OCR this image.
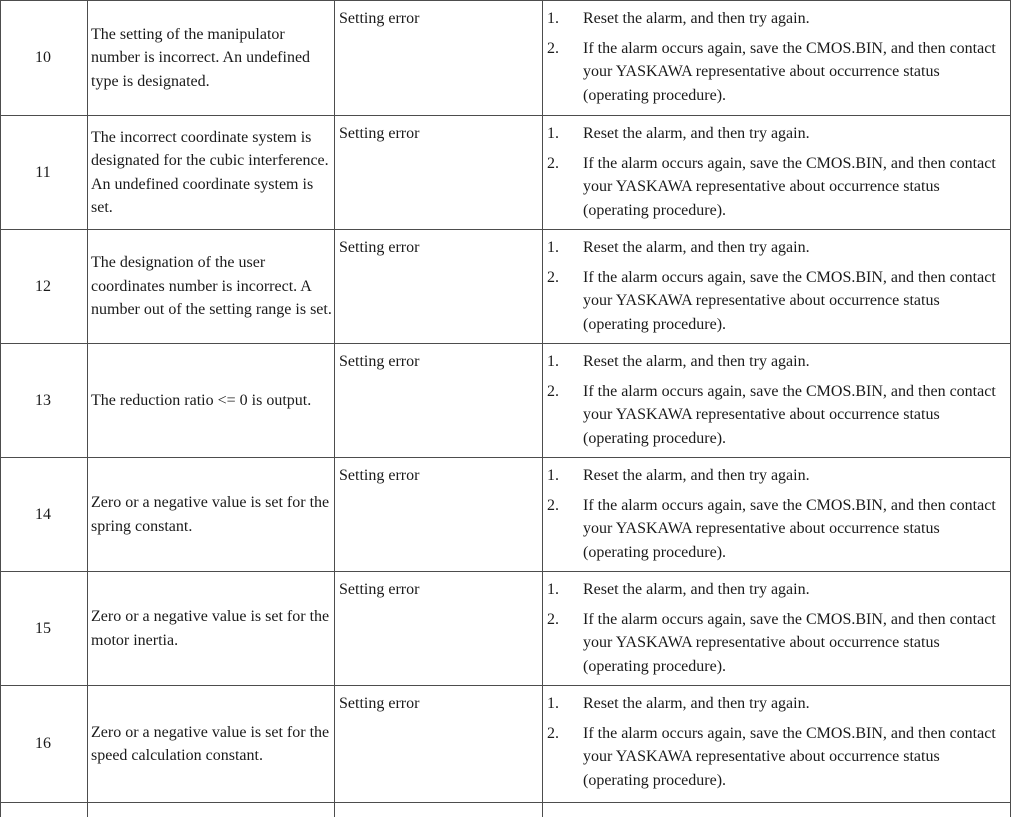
10	The setting of the manipulator number is incorrect. An undefined type is designated.	Setting error	1. Reset the alarm, and then try again.
2. If the alarm occurs again, save the CMOS.BIN, and then contact your YASKAWA representative about occurrence status (operating procedure).

11	The incorrect coordinate system is designated for the cubic interference. An undefined coordinate system is set.	Setting error	1. Reset the alarm, and then try again.
2. If the alarm occurs again, save the CMOS.BIN, and then contact your YASKAWA representative about occurrence status (operating procedure).

12	The designation of the user coordinates number is incorrect. A number out of the setting range is set.	Setting error	1. Reset the alarm, and then try again.
2. If the alarm occurs again, save the CMOS.BIN, and then contact your YASKAWA representative about occurrence status (operating procedure).

13	The reduction ratio <= 0 is output.	Setting error	1. Reset the alarm, and then try again.
2. If the alarm occurs again, save the CMOS.BIN, and then contact your YASKAWA representative about occurrence status (operating procedure).

14	Zero or a negative value is set for the spring constant.	Setting error	1. Reset the alarm, and then try again.
2. If the alarm occurs again, save the CMOS.BIN, and then contact your YASKAWA representative about occurrence status (operating procedure).

15	Zero or a negative value is set for the motor inertia.	Setting error	1. Reset the alarm, and then try again.
2. If the alarm occurs again, save the CMOS.BIN, and then contact your YASKAWA representative about occurrence status (operating procedure).

16	Zero or a negative value is set for the speed calculation constant.	Setting error	1. Reset the alarm, and then try again.
2. If the alarm occurs again, save the CMOS.BIN, and then contact your YASKAWA representative about occurrence status (operating procedure).
